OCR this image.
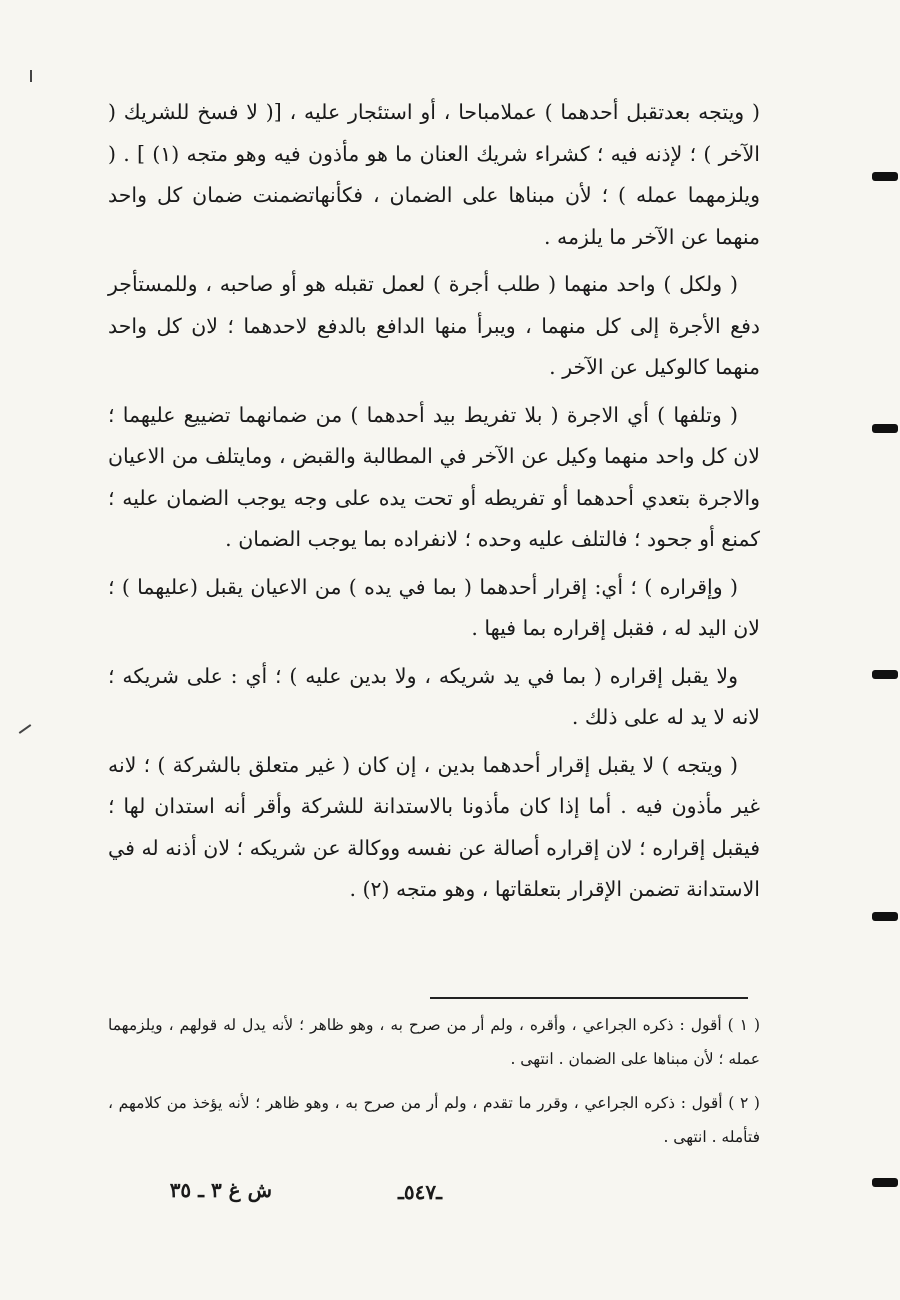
( ويتجه بعدتقبل أحدهما ) عملامباحا ، أو استئجار عليه ، [( لا فسخ للشريك ( الآخر ) ؛ لإذنه فيه ؛ كشراء شريك العنان ما هو مأذون فيه وهو متجه (١) ] . ( ويلزمهما عمله ) ؛ لأن مبناها على الضمان ، فكأنهاتضمنت ضمان كل واحد منهما عن الآخر ما يلزمه .

( ولكل ) واحد منهما ( طلب أجرة ) لعمل تقبله هو أو صاحبه ، وللمستأجر دفع الأجرة إلى كل منهما ، ويبرأ منها الدافع بالدفع لاحدهما ؛ لان كل واحد منهما كالوكيل عن الآخر .

( وتلفها ) أي الاجرة ( بلا تفريط بيد أحدهما ) من ضمانهما تضييع عليهما ؛ لان كل واحد منهما وكيل عن الآخر في المطالبة والقبض ، ومايتلف من الاعيان والاجرة بتعدي أحدهما أو تفريطه أو تحت يده على وجه يوجب الضمان عليه ؛ كمنع أو جحود ؛ فالتلف عليه وحده ؛ لانفراده بما يوجب الضمان .

( وإقراره ) ؛ أي: إقرار أحدهما ( بما في يده ) من الاعيان يقبل (عليهما ) ؛ لان اليد له ، فقبل إقراره بما فيها .

ولا يقبل إقراره ( بما في يد شريكه ، ولا بدين عليه ) ؛ أي : على شريكه ؛ لانه لا يد له على ذلك .

( ويتجه ) لا يقبل إقرار أحدهما بدين ، إن كان ( غير متعلق بالشركة ) ؛ لانه غير مأذون فيه . أما إذا كان مأذونا بالاستدانة للشركة وأقر أنه استدان لها ؛ فيقبل إقراره ؛ لان إقراره أصالة عن نفسه ووكالة عن شريكه ؛ لان أذنه له في الاستدانة تضمن الإقرار بتعلقاتها ، وهو متجه (٢) .

( ١ ) أقول : ذكره الجراعي ، وأقره ، ولم أر من صرح به ، وهو ظاهر ؛ لأنه يدل له قولهم ، ويلزمهما عمله ؛ لأن مبناها على الضمان . انتهى .

( ٢ ) أقول : ذكره الجراعي ، وقرر ما تقدم ، ولم أر من صرح به ، وهو ظاهر ؛ لأنه يؤخذ من كلامهم ، فتأمله . انتهى .

ش غ ٣ ـ ٣٥	ـ٥٤٧ـ
